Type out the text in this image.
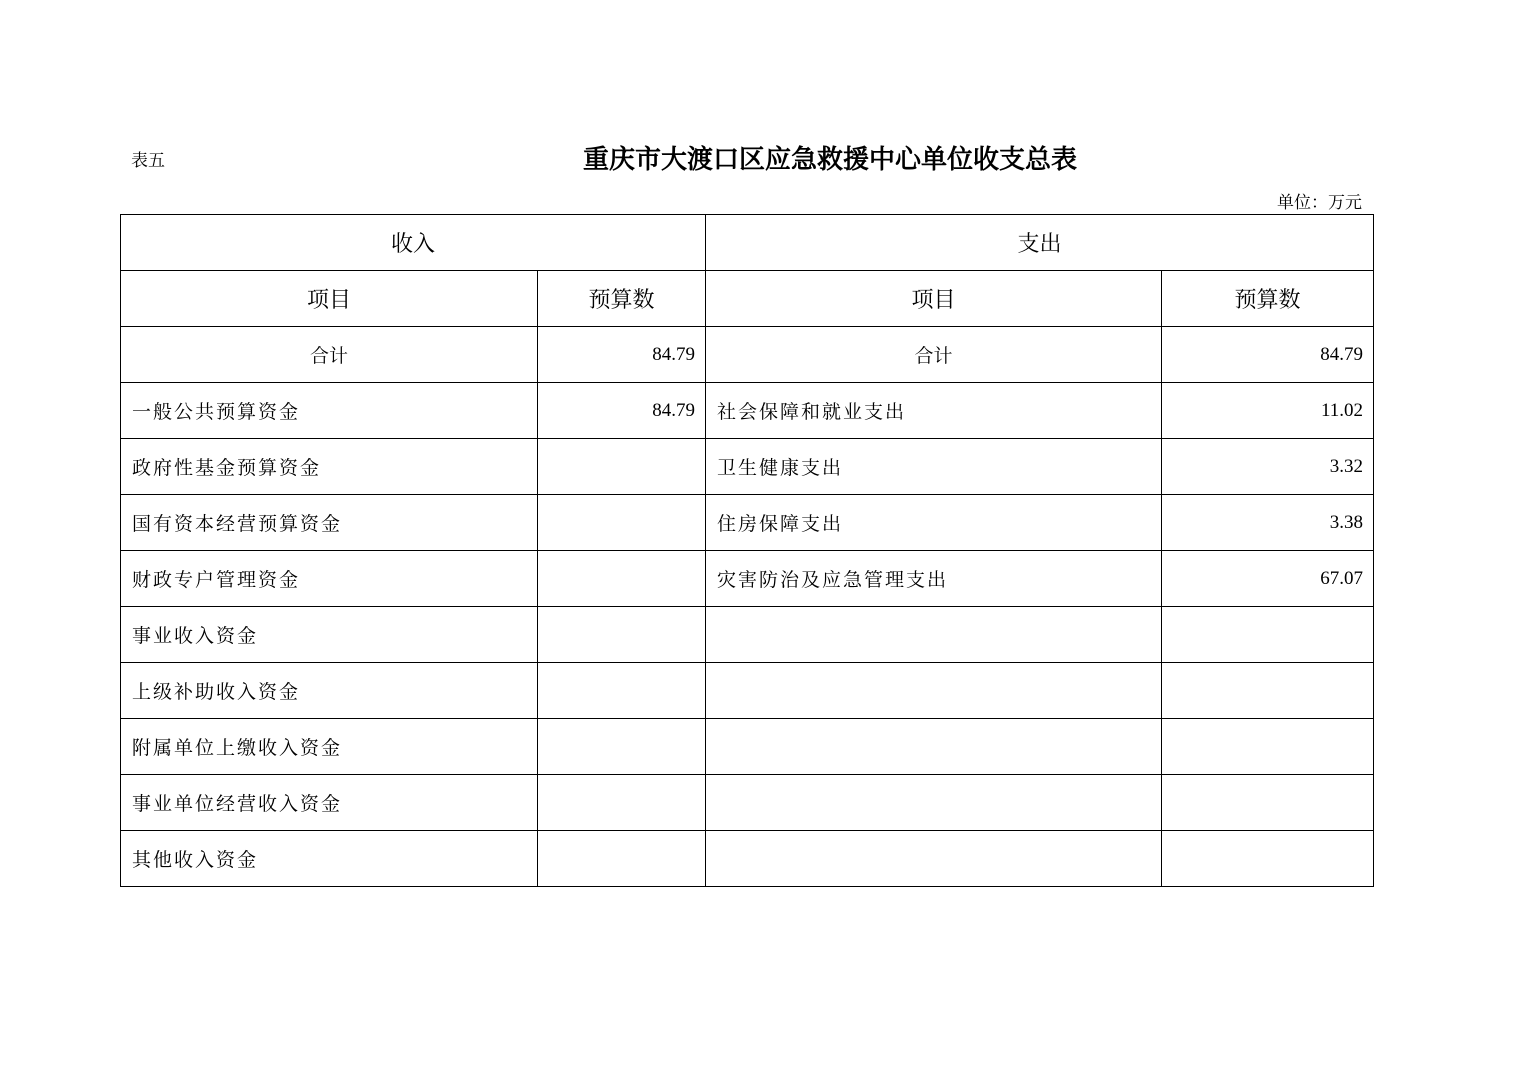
表五	重庆市大渡口区应急救援中心单位收支总表
单位：万元
收入		支出	
项目	预算数	项目	预算数
合计	84.79	合计	84.79
一般公共预算资金	84.79	社会保障和就业支出	11.02
政府性基金预算资金		卫生健康支出	3.32
国有资本经营预算资金		住房保障支出	3.38
财政专户管理资金		灾害防治及应急管理支出	67.07
事业收入资金			
上级补助收入资金			
附属单位上缴收入资金			
事业单位经营收入资金			
其他收入资金			
